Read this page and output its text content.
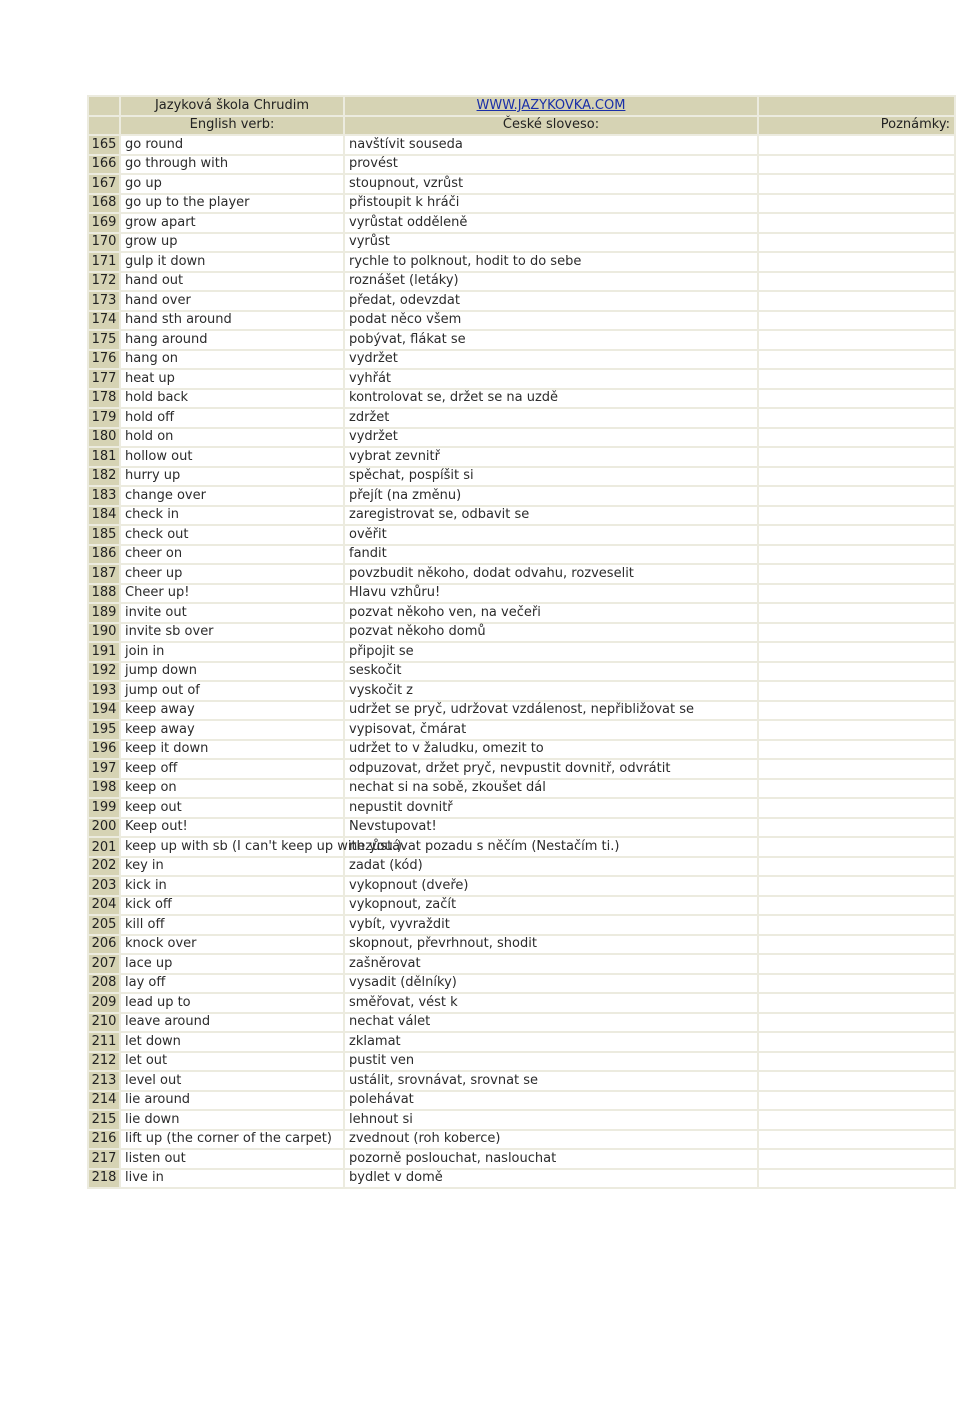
	Jazyková škola Chrudim	WWW.JAZYKOVKA.COM	
	English verb:	České sloveso:	Poznámky:
165	go round	navštívit souseda	
166	go through with	provést	
167	go up	stoupnout, vzrůst	
168	go up to the player	přistoupit k hráči	
169	grow apart	vyrůstat odděleně	
170	grow up	vyrůst	
171	gulp it down	rychle to polknout, hodit to do sebe	
172	hand out	roznášet (letáky)	
173	hand over	předat, odevzdat	
174	hand sth around	podat něco všem	
175	hang around	pobývat, flákat se	
176	hang on	vydržet	
177	heat up	vyhřát	
178	hold back	kontrolovat se, držet se na uzdě	
179	hold off	zdržet	
180	hold on	vydržet	
181	hollow out	vybrat zevnitř	
182	hurry up	spěchat, pospíšit si	
183	change over	přejít (na změnu)	
184	check in	zaregistrovat se, odbavit se	
185	check out	ověřit	
186	cheer on	fandit	
187	cheer up	povzbudit někoho, dodat odvahu, rozveselit	
188	Cheer up!	Hlavu vzhůru!	
189	invite out	pozvat někoho ven, na večeři	
190	invite sb over	pozvat někoho domů	
191	join in	připojit se	
192	jump down	seskočit	
193	jump out of	vyskočit z	
194	keep away	udržet se pryč, udržovat vzdálenost, nepřibližovat se	
195	keep away	vypisovat, čmárat	
196	keep it down	udržet to v žaludku, omezit to	
197	keep off	odpuzovat, držet pryč, nevpustit dovnitř, odvrátit	
198	keep on	nechat si na sobě, zkoušet dál	
199	keep out	nepustit dovnitř	
200	Keep out!	Nevstupovat!	
201	keep up with sb (I can't keep up with you.)	nezůstávat pozadu s něčím (Nestačím ti.)	
202	key in	zadat (kód)	
203	kick in	vykopnout (dveře)	
204	kick off	vykopnout, začít	
205	kill off	vybít, vyvraždit	
206	knock over	skopnout, převrhnout, shodit	
207	lace up	zašněrovat	
208	lay off	vysadit (dělníky)	
209	lead up to	směřovat, vést k	
210	leave around	nechat válet	
211	let down	zklamat	
212	let out	pustit ven	
213	level out	ustálit, srovnávat, srovnat se	
214	lie around	polehávat	
215	lie down	lehnout si	
216	lift up (the corner of the carpet)	zvednout (roh koberce)	
217	listen out	pozorně poslouchat, naslouchat	
218	live in	bydlet v domě	
